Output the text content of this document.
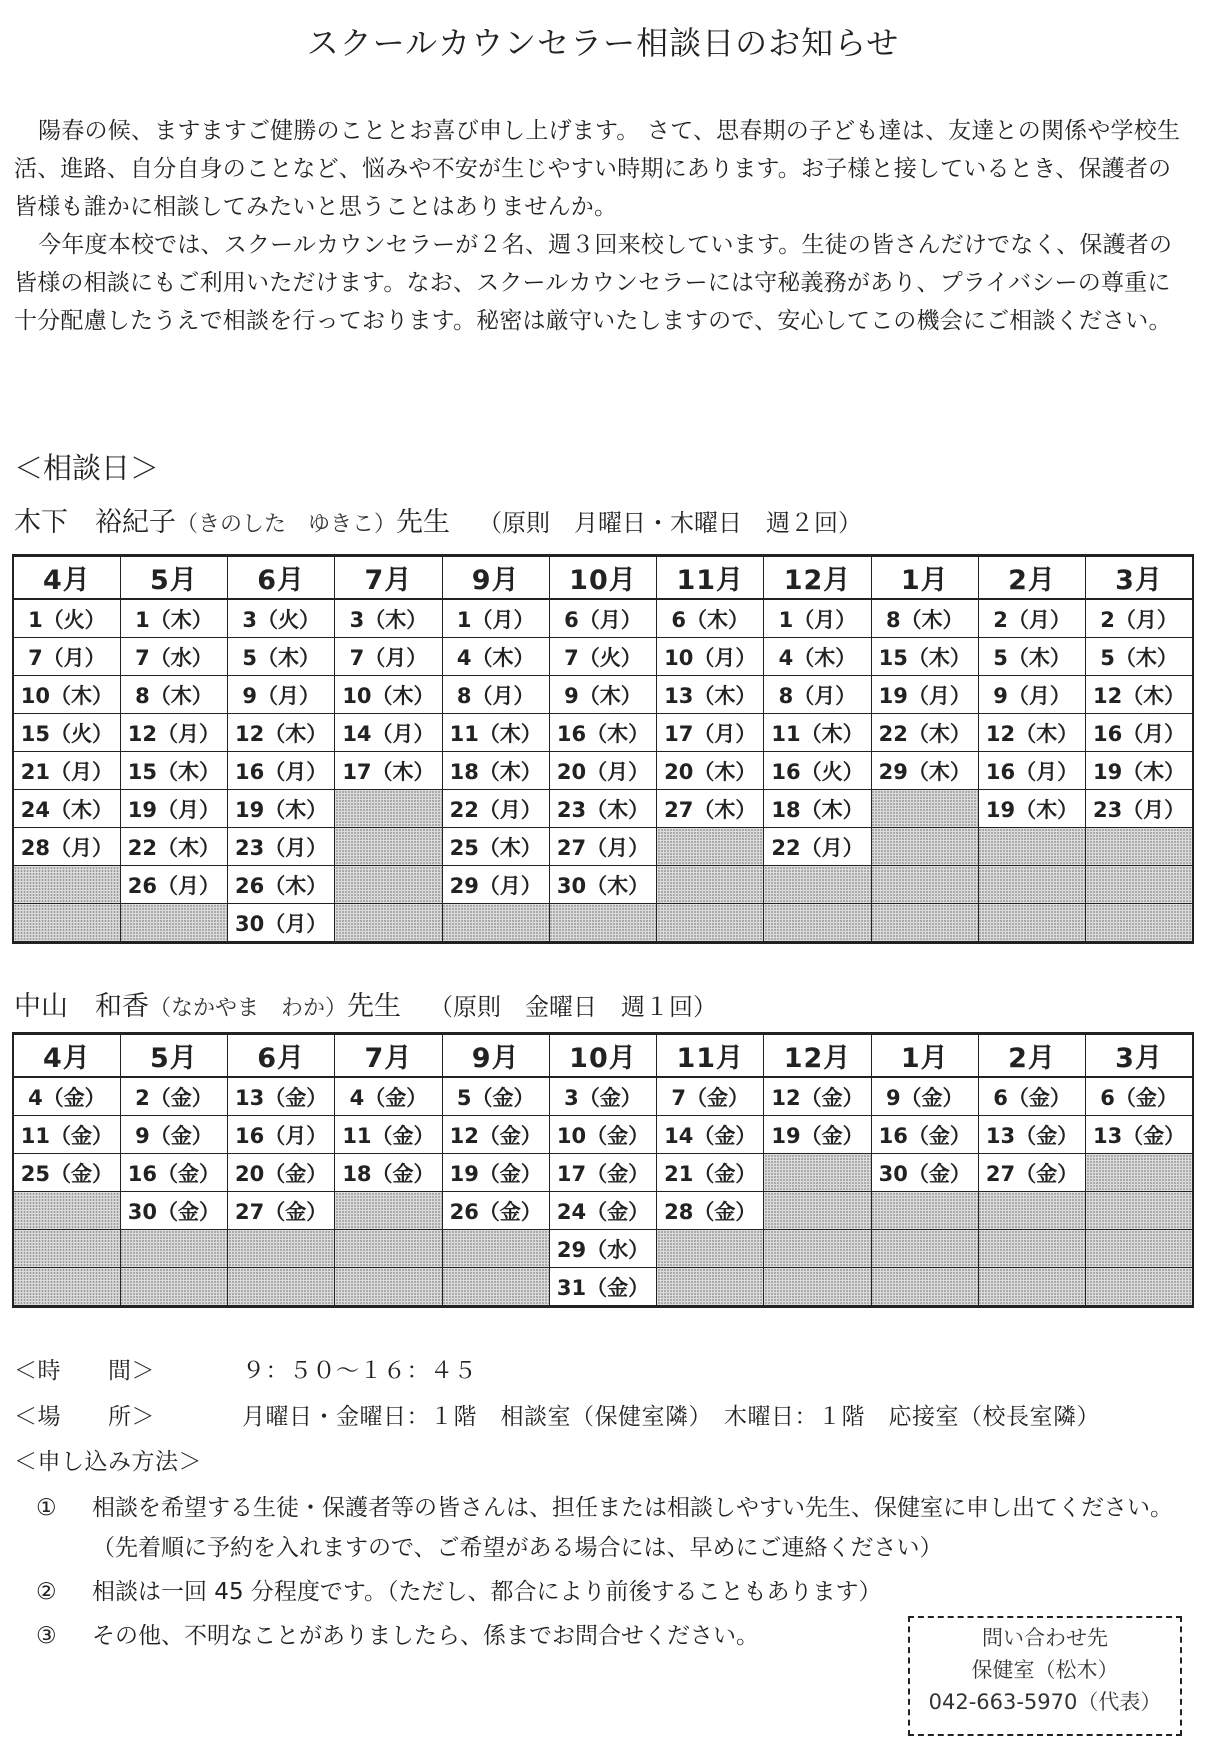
スクールカウンセラー相談日のお知らせ

陽春の候、ますますご健勝のこととお喜び申し上げます。 さて、思春期の子ども達は、友達との関係や学校生活、進路、自分自身のことなど、悩みや不安が生じやすい時期にあります。お子様と接しているとき、保護者の皆様も誰かに相談してみたいと思うことはありませんか。

今年度本校では、スクールカウンセラーが２名、週３回来校しています。生徒の皆さんだけでなく、保護者の皆様の相談にもご利用いただけます。なお、スクールカウンセラーには守秘義務があり、プライバシーの尊重に十分配慮したうえで相談を行っております。秘密は厳守いたしますので、安心してこの機会にご相談ください。

＜相談日＞
木下　裕紀子（きのした　ゆきこ）先生 （原則　月曜日・木曜日　週２回）
4月	5月	6月	7月	9月	10月	11月	12月	1月	2月	3月
1（火）	1（木）	3（火）	3（木）	1（月）	6（月）	6（木）	1（月）	8（木）	2（月）	2（月）
7（月）	7（水）	5（木）	7（月）	4（木）	7（火）	10（月）	4（木）	15（木）	5（木）	5（木）
10（木）	8（木）	9（月）	10（木）	8（月）	9（木）	13（木）	8（月）	19（月）	9（月）	12（木）
15（火）	12（月）	12（木）	14（月）	11（木）	16（木）	17（月）	11（木）	22（木）	12（木）	16（月）
21（月）	15（木）	16（月）	17（木）	18（木）	20（月）	20（木）	16（火）	29（木）	16（月）	19（木）
24（木）	19（月）	19（木）		22（月）	23（木）	27（木）	18（木）		19（木）	23（月）
28（月）	22（木）	23（月）		25（木）	27（月）		22（月）			
	26（月）	26（木）		29（月）	30（木）					
		30（月）								
中山　和香（なかやま　わか）先生 （原則　金曜日　週１回）
4月	5月	6月	7月	9月	10月	11月	12月	1月	2月	3月
4（金）	2（金）	13（金）	4（金）	5（金）	3（金）	7（金）	12（金）	9（金）	6（金）	6（金）
11（金）	9（金）	16（月）	11（金）	12（金）	10（金）	14（金）	19（金）	16（金）	13（金）	13（金）
25（金）	16（金）	20（金）	18（金）	19（金）	17（金）	21（金）		30（金）	27（金）	
	30（金）	27（金）		26（金）	24（金）	28（金）				
					29（水）					
					31（金）					
＜時　　間＞	９：５０～１６：４５
＜場　　所＞	月曜日・金曜日：１階　相談室（保健室隣）　木曜日：１階　応接室（校長室隣）
＜申し込み方法＞
① 相談を希望する生徒・保護者等の皆さんは、担任または相談しやすい先生、保健室に申し出てください。（先着順に予約を入れますので、ご希望がある場合には、早めにご連絡ください）
② 相談は一回 45 分程度です。（ただし、都合により前後することもあります）
③ その他、不明なことがありましたら、係までお問合せください。	問い合わせ先
保健室（松木）
042-663-5970（代表）
